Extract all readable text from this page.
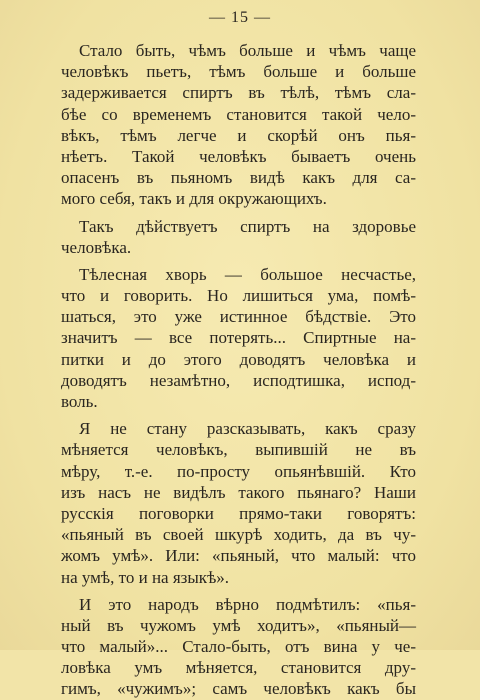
— 15 —
Стало быть, чѣмъ больше и чѣмъ чаще
человѣкъ пьетъ, тѣмъ больше и больше
задерживается спиртъ въ тѣлѣ, тѣмъ сла-
бѣе со временемъ становится такой чело-
вѣкъ, тѣмъ легче и скорѣй онъ пья-
нѣетъ. Такой человѣкъ бываетъ очень
опасенъ въ пьяномъ видѣ какъ для са-
мого себя, такъ и для окружающихъ.
Такъ дѣйствуетъ спиртъ на здоровье
человѣка.
Тѣлесная хворь — большое несчастье,
что и говорить. Но лишиться ума, помѣ-
шаться, это уже истинное бѣдствіе. Это
значитъ — все потерять... Спиртные на-
питки и до этого доводятъ человѣка и
доводятъ незамѣтно, исподтишка, испод-
воль.
Я не стану разсказывать, какъ сразу
мѣняется человѣкъ, выпившій не въ
мѣру, т.-е. по-просту опьянѣвшій. Кто
изъ насъ не видѣлъ такого пьянаго? Наши
русскія поговорки прямо-таки говорятъ:
«пьяный въ своей шкурѣ ходить, да въ чу-
жомъ умѣ». Или: «пьяный, что малый: что
на умѣ, то и на языкѣ».
И это народъ вѣрно подмѣтилъ: «пья-
ный въ чужомъ умѣ ходитъ», «пьяный—
что малый»... Стало-быть, отъ вина у че-
ловѣка умъ мѣняется, становится дру-
гимъ, «чужимъ»; самъ человѣкъ какъ бы
